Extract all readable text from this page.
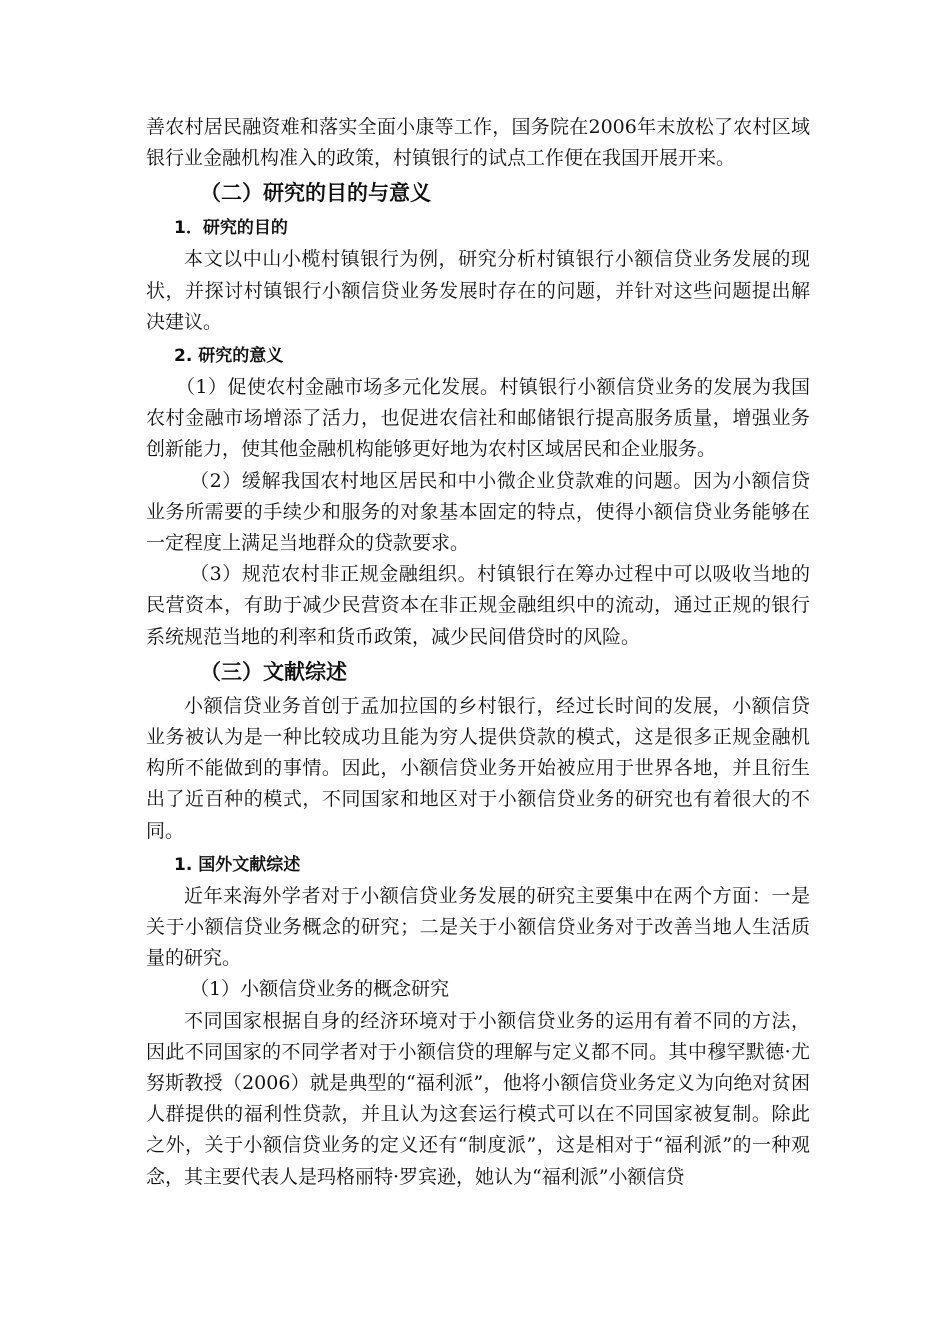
善农村居民融资难和落实全面小康等工作，国务院在2006年末放松了农村区域银行业金融机构准入的政策，村镇银行的试点工作便在我国开展开来。

（二）研究的目的与意义
1．研究的目的

本文以中山小榄村镇银行为例，研究分析村镇银行小额信贷业务发展的现状，并探讨村镇银行小额信贷业务发展时存在的问题，并针对这些问题提出解决建议。

2. 研究的意义

（1）促使农村金融市场多元化发展。村镇银行小额信贷业务的发展为我国农村金融市场增添了活力，也促进农信社和邮储银行提高服务质量，增强业务创新能力，使其他金融机构能够更好地为农村区域居民和企业服务。

（2）缓解我国农村地区居民和中小微企业贷款难的问题。因为小额信贷业务所需要的手续少和服务的对象基本固定的特点，使得小额信贷业务能够在一定程度上满足当地群众的贷款要求。

（3）规范农村非正规金融组织。村镇银行在筹办过程中可以吸收当地的民营资本，有助于减少民营资本在非正规金融组织中的流动，通过正规的银行系统规范当地的利率和货币政策，减少民间借贷时的风险。

（三）文献综述

小额信贷业务首创于孟加拉国的乡村银行，经过长时间的发展，小额信贷业务被认为是一种比较成功且能为穷人提供贷款的模式，这是很多正规金融机构所不能做到的事情。因此，小额信贷业务开始被应用于世界各地，并且衍生出了近百种的模式，不同国家和地区对于小额信贷业务的研究也有着很大的不同。

1. 国外文献综述

近年来海外学者对于小额信贷业务发展的研究主要集中在两个方面：一是关于小额信贷业务概念的研究；二是关于小额信贷业务对于改善当地人生活质量的研究。

（1）小额信贷业务的概念研究

不同国家根据自身的经济环境对于小额信贷业务的运用有着不同的方法，因此不同国家的不同学者对于小额信贷的理解与定义都不同。其中穆罕默德·尤努斯教授（2006）就是典型的“福利派”，他将小额信贷业务定义为向绝对贫困人群提供的福利性贷款，并且认为这套运行模式可以在不同国家被复制。除此之外，关于小额信贷业务的定义还有“制度派”，这是相对于“福利派”的一种观念，其主要代表人是玛格丽特·罗宾逊，她认为“福利派”小额信贷
